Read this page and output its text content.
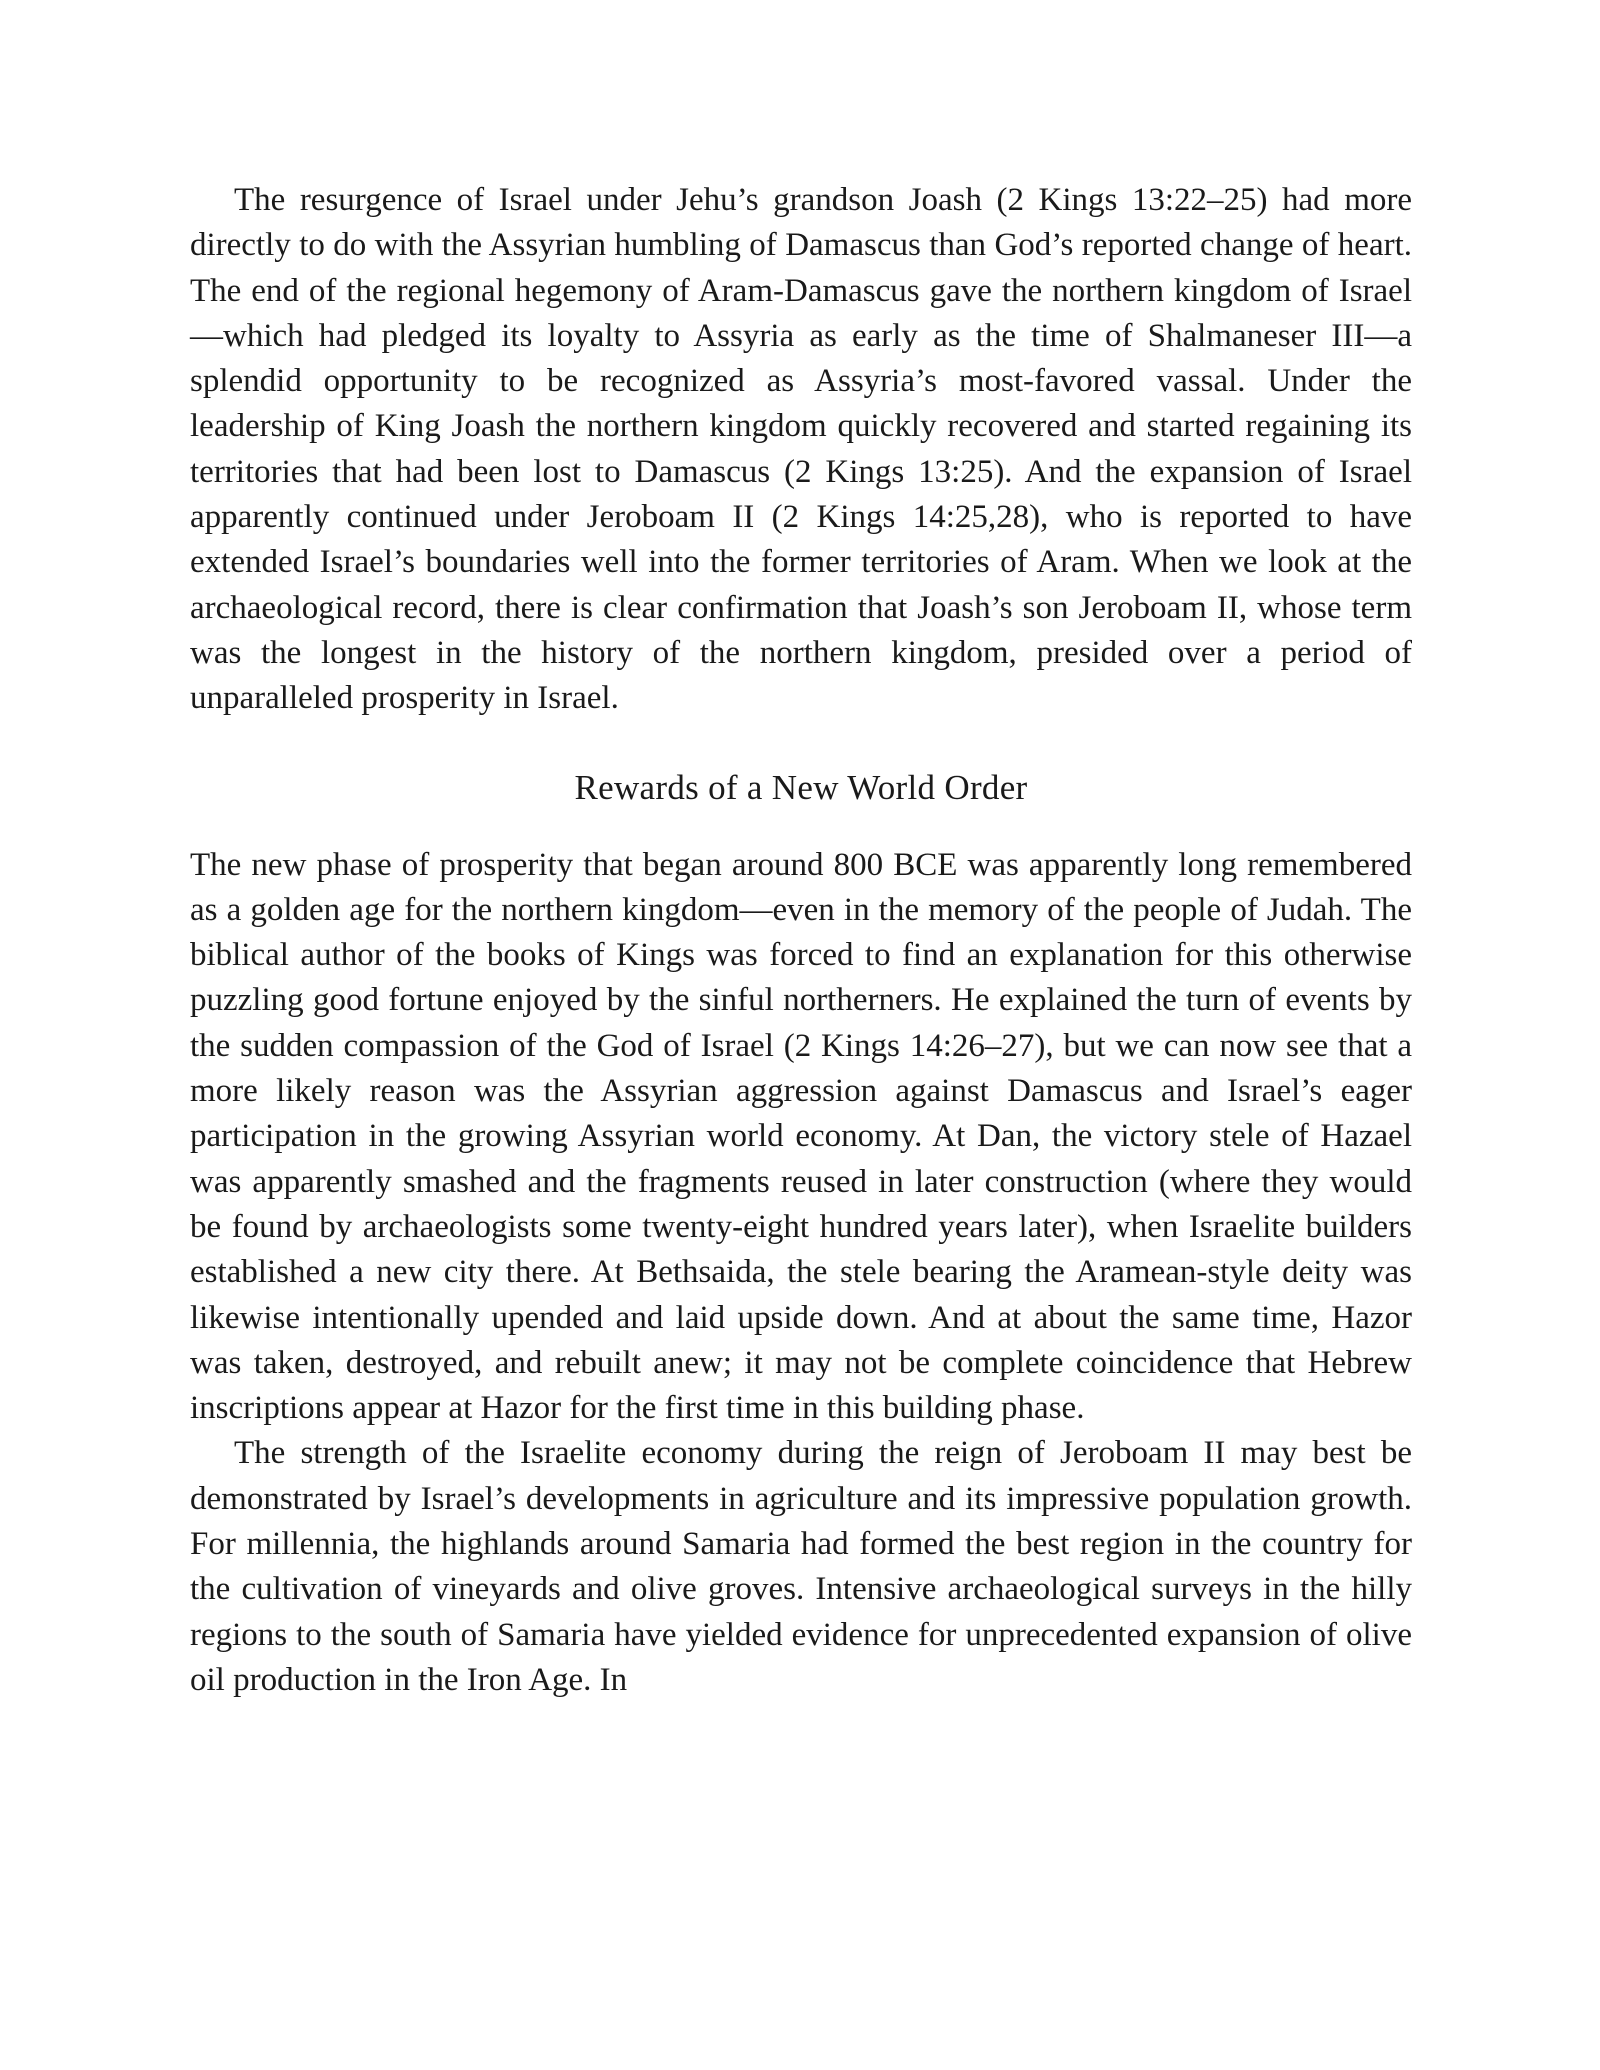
The resurgence of Israel under Jehu’s grandson Joash (2 Kings 13:22–25) had more directly to do with the Assyrian humbling of Damascus than God’s reported change of heart. The end of the regional hegemony of Aram-Damascus gave the northern kingdom of Israel—which had pledged its loyalty to Assyria as early as the time of Shalmaneser III—a splendid opportunity to be recognized as Assyria’s most-favored vassal. Under the leadership of King Joash the northern kingdom quickly recovered and started regaining its territories that had been lost to Damascus (2 Kings 13:25). And the expansion of Israel apparently continued under Jeroboam II (2 Kings 14:25,28), who is reported to have extended Israel’s boundaries well into the former territories of Aram. When we look at the archaeological record, there is clear confirmation that Joash’s son Jeroboam II, whose term was the longest in the history of the northern kingdom, presided over a period of unparalleled prosperity in Israel.

Rewards of a New World Order

The new phase of prosperity that began around 800 BCE was apparently long remembered as a golden age for the northern kingdom—even in the memory of the people of Judah. The biblical author of the books of Kings was forced to find an explanation for this otherwise puzzling good fortune enjoyed by the sinful northerners. He explained the turn of events by the sudden compassion of the God of Israel (2 Kings 14:26–27), but we can now see that a more likely reason was the Assyrian aggression against Damascus and Israel’s eager participation in the growing Assyrian world economy. At Dan, the victory stele of Hazael was apparently smashed and the fragments reused in later construction (where they would be found by archaeologists some twenty-eight hundred years later), when Israelite builders established a new city there. At Bethsaida, the stele bearing the Aramean-style deity was likewise intentionally upended and laid upside down. And at about the same time, Hazor was taken, destroyed, and rebuilt anew; it may not be complete coincidence that Hebrew inscriptions appear at Hazor for the first time in this building phase.

The strength of the Israelite economy during the reign of Jeroboam II may best be demonstrated by Israel’s developments in agriculture and its impressive population growth. For millennia, the highlands around Samaria had formed the best region in the country for the cultivation of vineyards and olive groves. Intensive archaeological surveys in the hilly regions to the south of Samaria have yielded evidence for unprecedented expansion of olive oil production in the Iron Age. In
